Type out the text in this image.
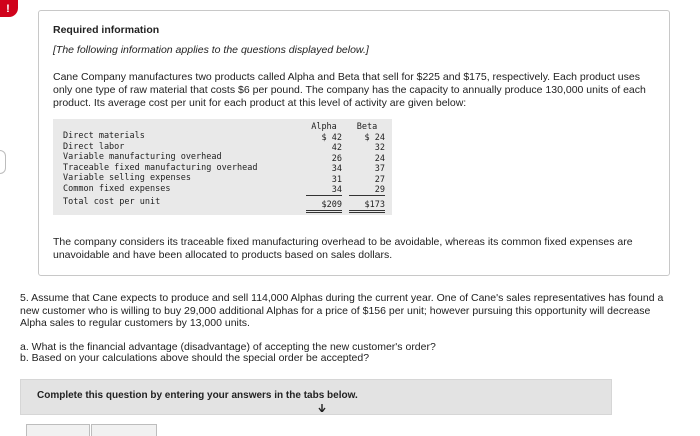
!
Required information
[The following information applies to the questions displayed below.]
Cane Company manufactures two products called Alpha and Beta that sell for $225 and $175, respectively. Each product uses only one type of raw material that costs $6 per pound. The company has the capacity to annually produce 130,000 units of each product. Its average cost per unit for each product at this level of activity are given below:
Direct materials
Direct labor
Variable manufacturing overhead
Traceable fixed manufacturing overhead
Variable selling expenses
Common fixed expenses
Total cost per unit
Alpha
$ 42
42
26
34
31
34
$209
Beta
$ 24
32
24
37
27
29
$173
The company considers its traceable fixed manufacturing overhead to be avoidable, whereas its common fixed expenses are unavoidable and have been allocated to products based on sales dollars.
5. Assume that Cane expects to produce and sell 114,000 Alphas during the current year. One of Cane's sales representatives has found a new customer who is willing to buy 29,000 additional Alphas for a price of $156 per unit; however pursuing this opportunity will decrease Alpha sales to regular customers by 13,000 units.
a. What is the financial advantage (disadvantage) of accepting the new customer's order?
b. Based on your calculations above should the special order be accepted?
Complete this question by entering your answers in the tabs below.
